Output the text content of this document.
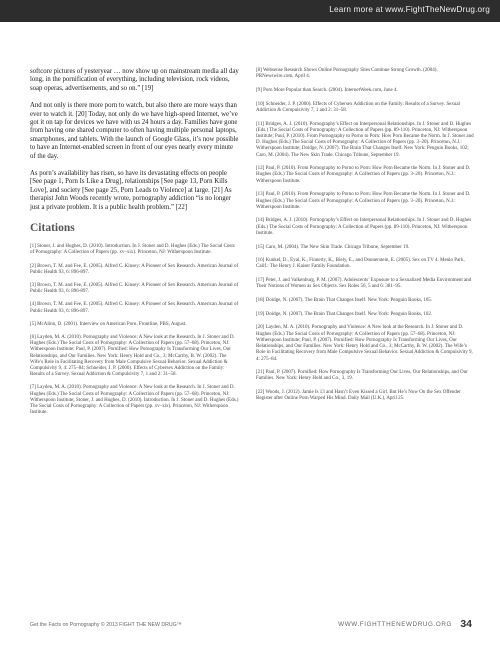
Learn more at www.FightTheNewDrug.org

softcore pictures of yesteryear … now show up on mainstream media all day long, in the pornification of everything, including television, rock videos, soap operas, advertisements, and so on.” [19]

And not only is there more porn to watch, but also there are more ways than ever to watch it. [20] Today, not only do we have high-speed Internet, we’ve got it on tap for devices we have with us 24 hours a day. Families have gone from having one shared computer to often having multiple personal laptops, smartphones, and tablets. With the launch of Google Glass, it’s now possible to have an Internet-enabled screen in front of our eyes nearly every minute of the day.

As porn’s availability has risen, so have its devastating effects on people [See page 1, Porn Is Like a Drug], relationships [See page 13, Porn Kills Love], and society [See page 25, Porn Leads to Violence] at large. [21] As therapist John Woods recently wrote, pornography addiction “is no longer just a private problem. It is a public health problem.” [22]

Citations

[1] Stoner, J. and Hughes, D. (2010). Introduction. In J. Stoner and D. Hughes (Eds.) The Social Costs of Pornography: A Collection of Papers (pp. xv–xix). Princeton, NJ: Witherspoon Institute.

[2] Brown, T. M. and Fee, E. (2005). Alfred C. Kinsey: A Pioneer of Sex Research. American Journal of Public Health 93, 6: 896-897.

[3] Brown, T. M. and Fee, E. (2005). Alfred C. Kinsey: A Pioneer of Sex Research. American Journal of Public Health 93, 6: 896-897.

[4] Brown, T. M. and Fee, E. (2005). Alfred C. Kinsey: A Pioneer of Sex Research. American Journal of Public Health 93, 6: 896-897.

[5] McAlinn, D. (2001). Interview on American Porn. Frontline, PBS, August.

[6] Layden, M. A. (2010). Pornography and Violence: A New look at the Research. In J. Stoner and D. Hughes (Eds.) The Social Costs of Pornography: A Collection of Papers (pp. 57–68). Princeton, NJ: Witherspoon Institute; Paul, P. (2007). Pornified: How Pornography Is Transforming Our Lives, Our Relationships, and Our Families. New York: Henry Hold and Co., 3; McCarthy, B. W. (2002). The Wife’s Role in Facilitating Recovery from Male Compulsive Sexual Behavior. Sexual Addiction & Compulsivity 9, 4: 275–84; Schneider, J. P. (2000). Effects of Cybersex Addiction on the Family: Results of a Survey. Sexual Addiction & Compulsivity 7, 1 and 2: 31–58.

[7] Layden, M. A. (2010). Pornography and Violence: A New look at the Research. In J. Stoner and D. Hughes (Eds.) The Social Costs of Pornography: A Collection of Papers (pp. 57–68). Princeton, NJ: Witherspoon Institute; Stoner, J. and Hughes, D. (2010). Introduction. In J. Stoner and D. Hughes (Eds.) The Social Costs of Pornography: A Collection of Papers (pp. xv–xix). Princeton, NJ: Witherspoon Institute.

[8] Websense Research Shows Online Pornography Sites Continue Strong Growth. (2004). PRNewswire.com, April 4.

[9] Porn More Popular than Search. (2004). InternetWeek.com, June 4.

[10] Schneider, J. P. (2000). Effects of Cybersex Addiction on the Family: Results of a Survey. Sexual Addiction & Compulsivity 7, 1 and 2: 31–58.

[11] Bridges, A. J. (2010). Pornography’s Effect on Interpersonal Relationships. In J. Stoner and D. Hughes (Eds.) The Social Costs of Pornography: A Collection of Papers (pp. 89-110). Princeton, NJ: Witherspoon Institute; Paul, P. (2010). From Pornography to Porno to Porn: How Porn Became the Norm. In J. Stoner and D. Hughes (Eds.) The Social Costs of Pornography: A Collection of Papers (pp. 3–20). Princeton, N.J.: Witherspoon Institute; Doidge, N. (2007). The Brain That Changes Itself. New York: Penguin Books, 102; Caro, M. (2004). The New Skin Trade. Chicago Tribune, September 19.

[12] Paul, P. (2010). From Pornography to Porno to Porn: How Porn Became the Norm. In J. Stoner and D. Hughes (Eds.) The Social Costs of Pornography: A Collection of Papers (pp. 3–20). Princeton, N.J.: Witherspoon Institute.

[13] Paul, P. (2010). From Pornography to Porno to Porn: How Porn Became the Norm. In J. Stoner and D. Hughes (Eds.) The Social Costs of Pornography: A Collection of Papers (pp. 3–20). Princeton, N.J.: Witherspoon Institute.

[14] Bridges, A. J. (2010). Pornography’s Effect on Interpersonal Relationships. In J. Stoner and D. Hughes (Eds.) The Social Costs of Pornography: A Collection of Papers (pp. 89-110). Princeton, NJ: Witherspoon Institute.

[15] Caro, M. (2004). The New Skin Trade. Chicago Tribune, September 19.

[16] Kunkel, D., Eyal, K., Finnerty, K., Biely, E., and Donnerstein, E. (2005). Sex on TV 4. Menlo Park, Calif.: The Henry J. Kaiser Family Foundation.

[17] Peter, J. and Valkenburg, P. M. (2007). Adolescents’ Exposure to a Sexualized Media Environment and Their Notions of Women as Sex Objects. Sex Roles 56, 5 and 6: 381–95.

[18] Doidge, N. (2007). The Brain That Changes Itself. New York: Penguin Books, 105.

[19] Doidge, N. (2007). The Brain That Changes Itself. New York: Penguin Books, 102.

[20] Layden, M. A. (2010). Pornography and Violence: A New look at the Research. In J. Stoner and D. Hughes (Eds.) The Social Costs of Pornography: A Collection of Papers (pp. 57–68). Princeton, NJ: Witherspoon Institute; Paul, P. (2007). Pornified: How Pornography Is Transforming Our Lives, Our Relationships, and Our Families. New York: Henry Hold and Co., 3; McCarthy, B. W. (2002). The Wife’s Role in Facilitating Recovery from Male Compulsive Sexual Behavior. Sexual Addiction & Compulsivity 9, 4: 275–84.

[21] Paul, P. (2007). Pornified: How Pornography Is Transforming Our Lives, Our Relationships, and Our Families. New York: Henry Hold and Co., 3, 19.

[22] Woods, J. (2012). Jamie Is 13 and Hasn’t Even Kissed a Girl. But He’s Now On the Sex Offender Register after Online Porn Warped His Mind. Daily Mail (U.K.), April 25.

Get the Facts on Pornography © 2013 FIGHT THE NEW DRUG™	WWW.FIGHTTHENEWDRUG.ORG 34
